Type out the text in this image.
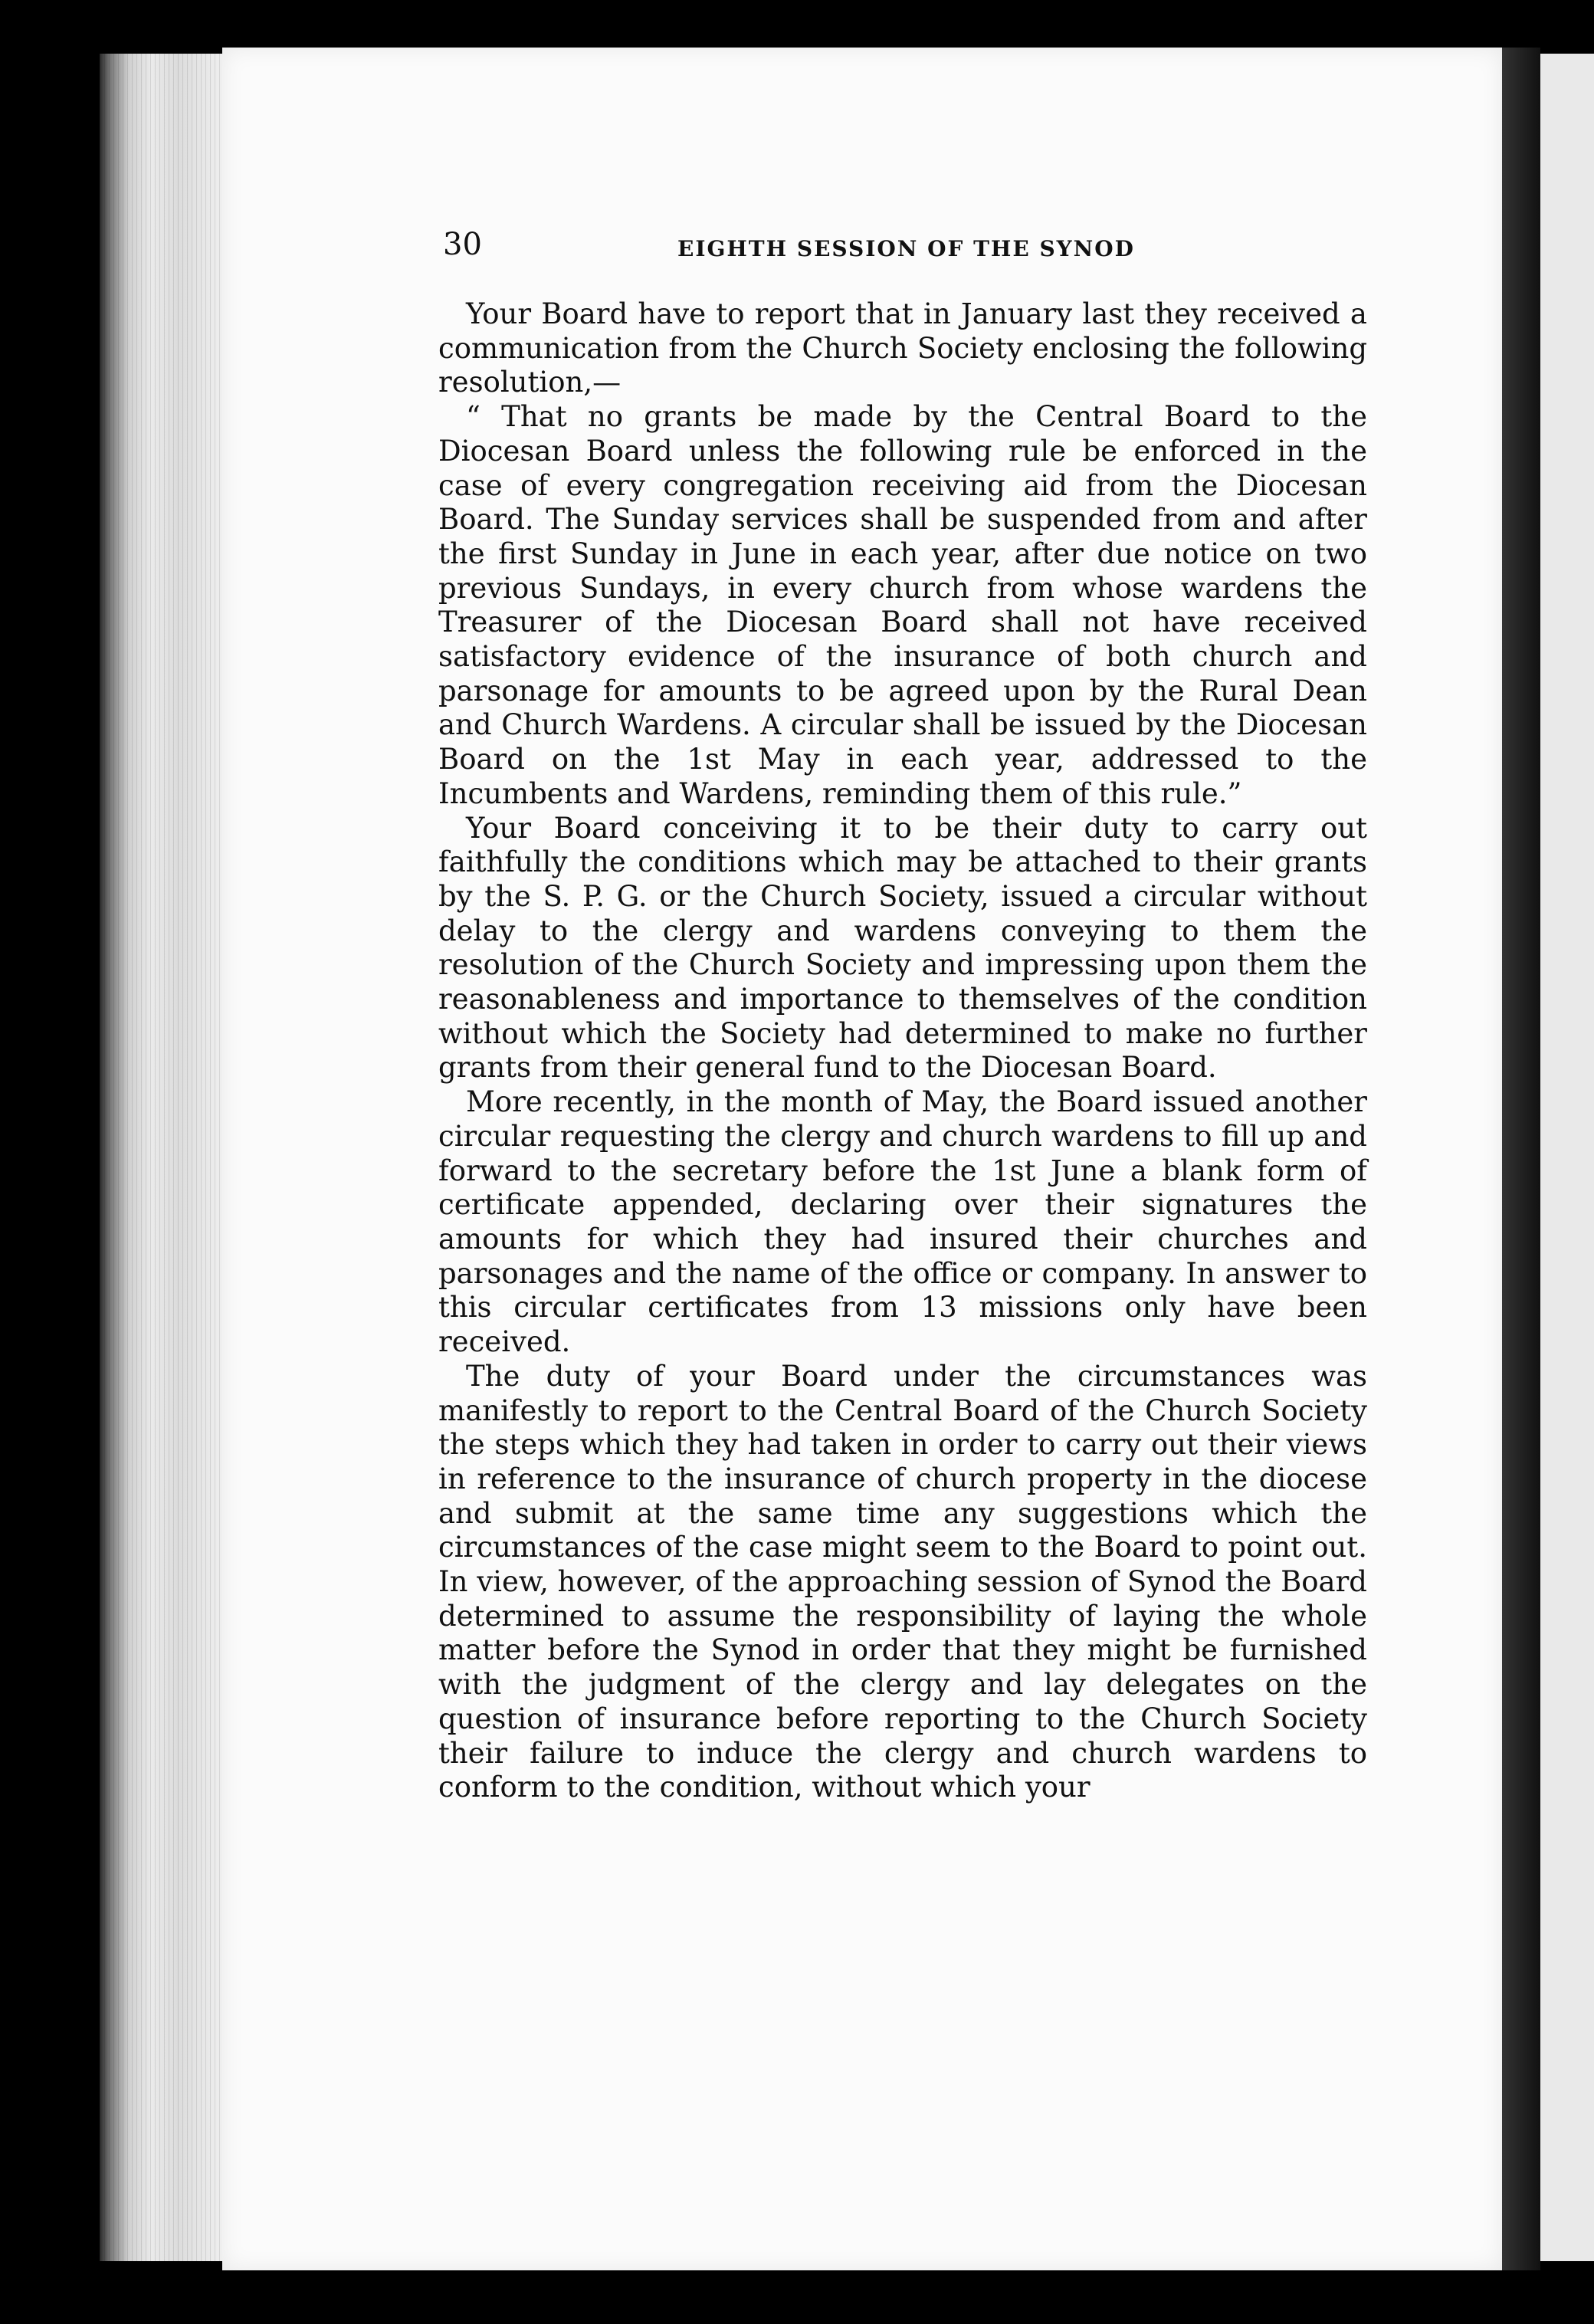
30	EIGHTH SESSION OF THE SYNOD

Your Board have to report that in January last they received a communication from the Church Society enclosing the following resolution,—

“ That no grants be made by the Central Board to the Diocesan Board unless the following rule be enforced in the case of every congregation receiving aid from the Diocesan Board. The Sunday services shall be suspended from and after the first Sunday in June in each year, after due notice on two previous Sundays, in every church from whose wardens the Treasurer of the Diocesan Board shall not have received satisfactory evidence of the insurance of both church and parsonage for amounts to be agreed upon by the Rural Dean and Church Wardens. A circular shall be issued by the Diocesan Board on the 1st May in each year, addressed to the Incumbents and Wardens, reminding them of this rule.”

Your Board conceiving it to be their duty to carry out faithfully the conditions which may be attached to their grants by the S. P. G. or the Church Society, issued a circular without delay to the clergy and wardens conveying to them the resolution of the Church Society and impressing upon them the reasonableness and importance to themselves of the condition without which the Society had determined to make no further grants from their general fund to the Diocesan Board.

More recently, in the month of May, the Board issued another circular requesting the clergy and church wardens to fill up and forward to the secretary before the 1st June a blank form of certificate appended, declaring over their signatures the amounts for which they had insured their churches and parsonages and the name of the office or company. In answer to this circular certificates from 13 missions only have been received.

The duty of your Board under the circumstances was manifestly to report to the Central Board of the Church Society the steps which they had taken in order to carry out their views in reference to the insurance of church property in the diocese and submit at the same time any suggestions which the circumstances of the case might seem to the Board to point out. In view, however, of the approaching session of Synod the Board determined to assume the responsibility of laying the whole matter before the Synod in order that they might be furnished with the judgment of the clergy and lay delegates on the question of insurance before reporting to the Church Society their failure to induce the clergy and church wardens to conform to the condition, without which your
